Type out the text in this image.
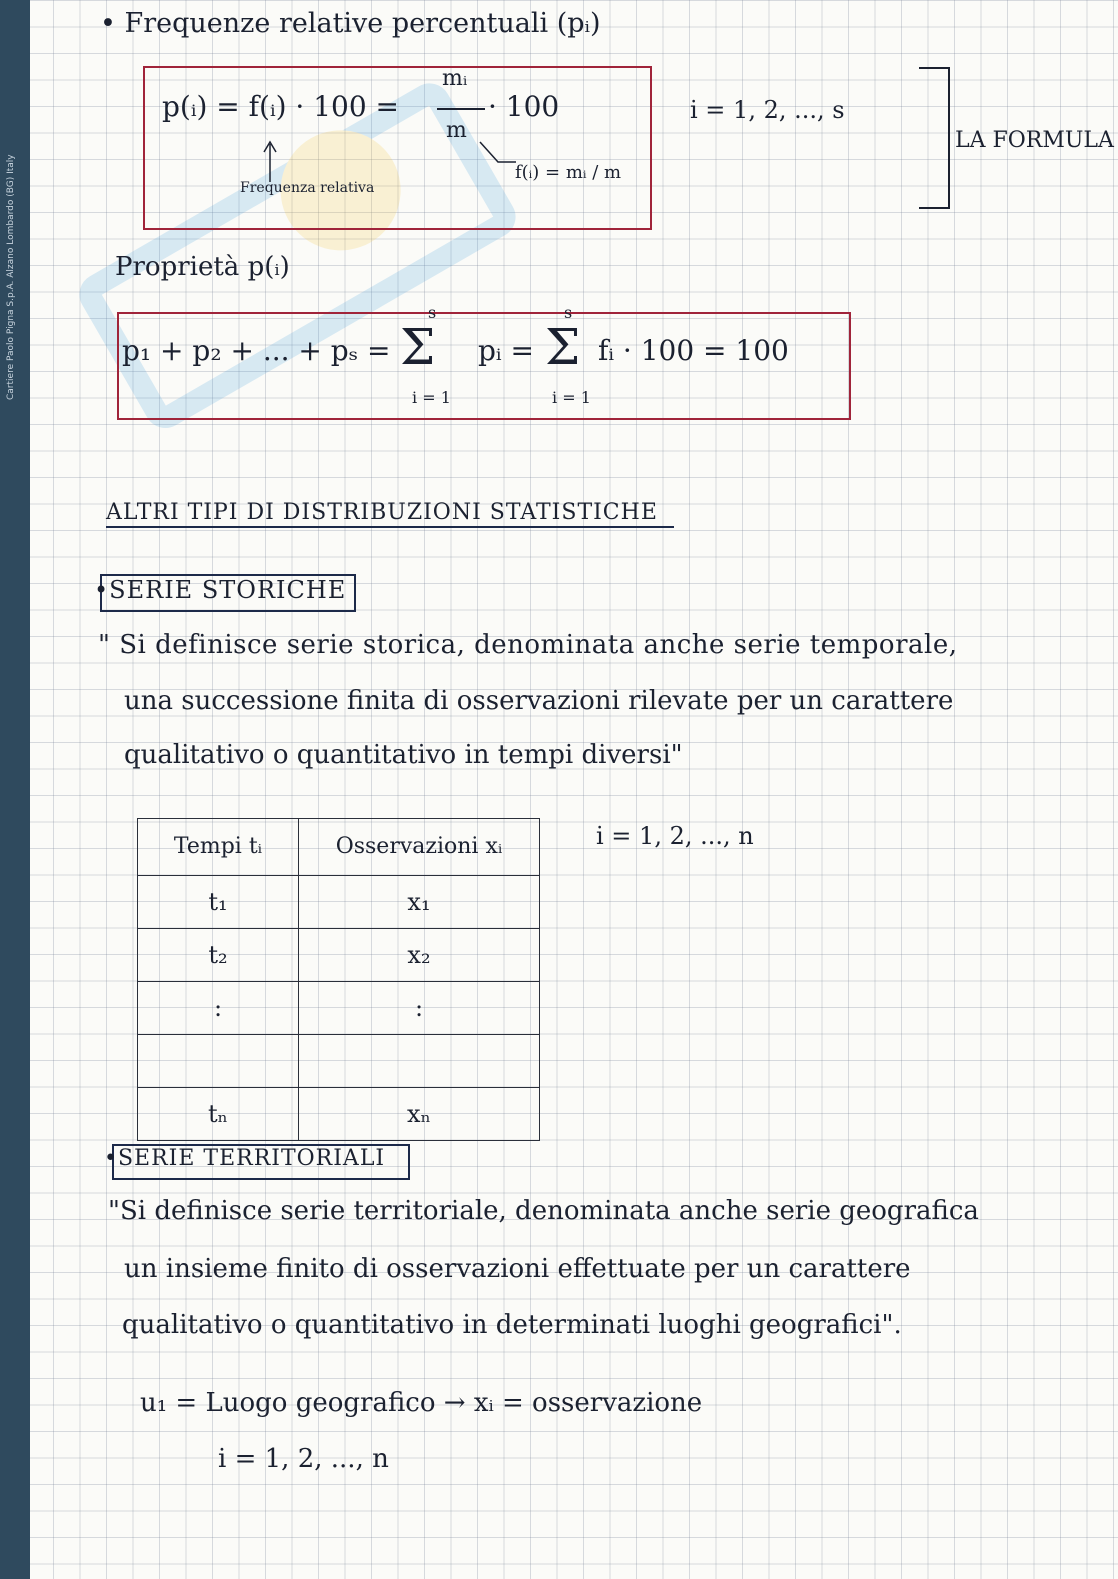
Cartiere Paolo Pigna S.p.A. Alzano Lombardo (BG) Italy
• Frequenze relative percentuali (pᵢ)
p(ᵢ) = f(ᵢ) · 100 =
mᵢ
m
· 100
Frequenza relativa
f(ᵢ) = mᵢ / m
i = 1, 2, ..., s
LA FORMULA
Proprietà p(ᵢ)
p₁ + p₂ + ... + pₛ =
s
Σ
i = 1
pᵢ =
s
Σ
i = 1
fᵢ · 100 = 100
ALTRI TIPI DI DISTRIBUZIONI STATISTICHE
•SERIE STORICHE
" Si definisce serie storica, denominata anche serie temporale,
una successione finita di osservazioni rilevate per un carattere
qualitativo o quantitativo in tempi diversi"
Tempi tᵢ	Osservazioni xᵢ
t₁	x₁
t₂	x₂
:	:

tₙ	xₙ
i = 1, 2, ..., n
•SERIE TERRITORIALI
"Si definisce serie territoriale, denominata anche serie geografica
un insieme finito di osservazioni effettuate per un carattere
qualitativo o quantitativo in determinati luoghi geografici".
u₁ = Luogo geografico → xᵢ = osservazione
i = 1, 2, ..., n
